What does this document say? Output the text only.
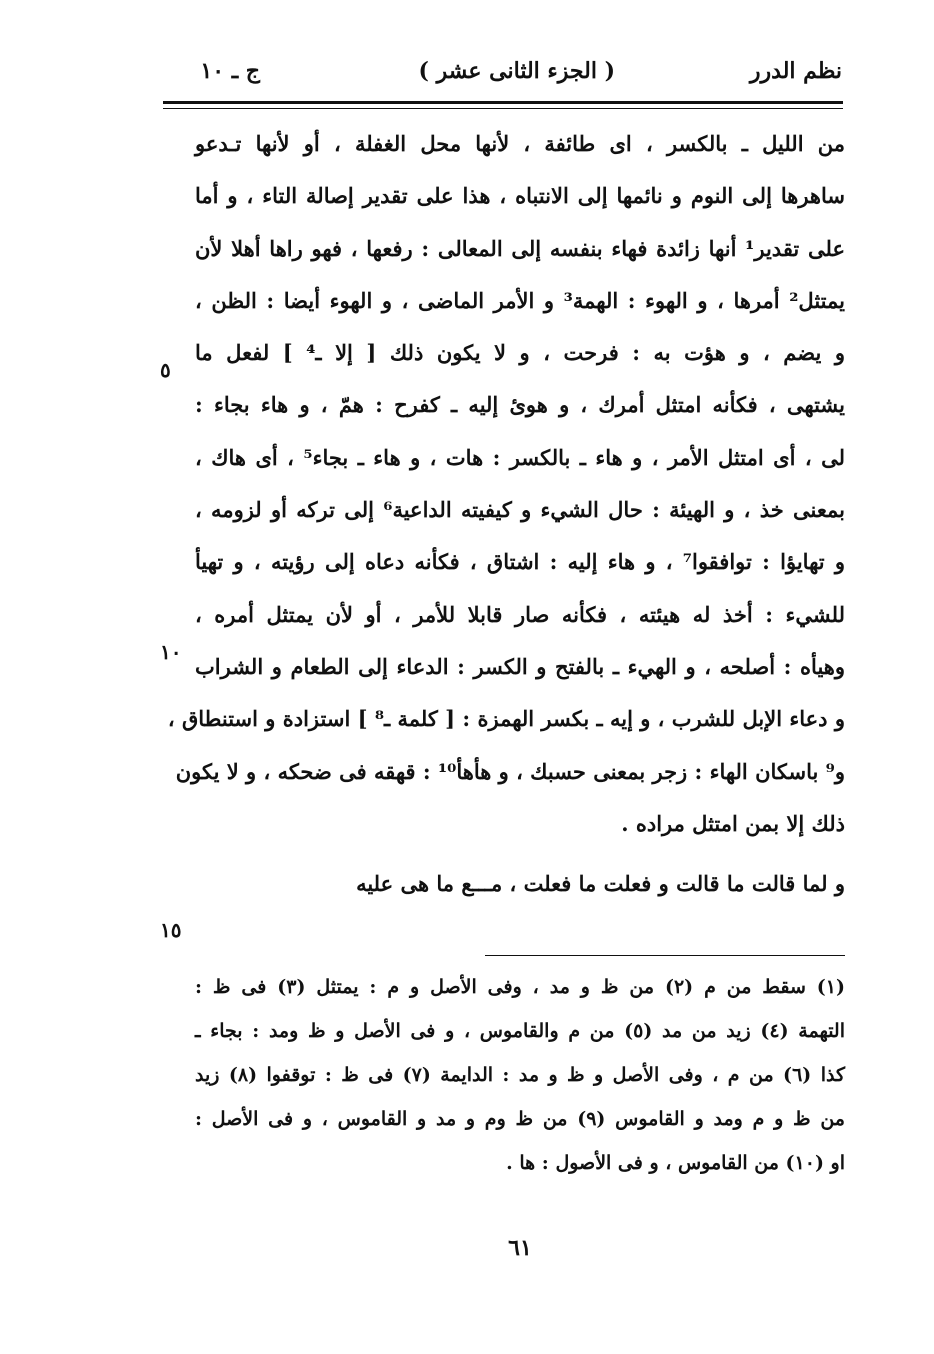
نظم الدرر
( الجزء الثانى عشر )
ج ـ ١٠
من الليل ـ بالكسر ، اى طائفة ، لأنها محل الغفلة ، أو لأنها تـدعو
ساهرها إلى النوم و نائمها إلى الانتباه ، هذا على تقدير إصالة التاء ، و أما
على تقدير¹ أنها زائدة فهاء بنفسه إلى المعالى : رفعها ، فهو راها أهلا لأن
يمتثل² أمرها ، و الهوء : الهمة³ و الأمر الماضى ، و الهوء أيضا : الظن ،
و يضم ، و هؤت به : فرحت ، و لا يكون ذلك [ إلا ـ⁴ ] لفعل ما
يشتهى ، فكأنه امتثل أمرك ، و هوئ إليه ـ كفرح : همّ ، و هاء بجاء :
لى ، أى امتثل الأمر ، و هاء ـ بالكسر : هات ، و هاء ـ بجاء⁵ ، أى هاك ،
بمعنى خذ ، و الهيئة : حال الشيء و كيفيته الداعية⁶ إلى تركه أو لزومه ،
و تهايؤا : توافقوا⁷ ، و هاء إليه : اشتاق ، فكأنه دعاه إلى رؤيته ، و تهيأ
للشيء : أخذ له هيئته ، فكأنه صار قابلا للأمر ، أو لأن يمتثل أمره ،
وهيأه : أصلحه ، و الهيء ـ بالفتح و الكسر : الدعاء إلى الطعام و الشراب
و دعاء الإبل للشرب ، و إيه ـ بكسر الهمزة : [ كلمة ـ⁸ ] استزادة و استنطاق ،
و⁹ باسكان الهاء : زجر بمعنى حسبك ، و هأهأ¹⁰ : قهقه فى ضحكه ، و لا يكون
ذلك إلا بمن امتثل مراده .
و لما قالت ما قالت و فعلت ما فعلت ، مـــع ما هى عليه
٥
١٠
١٥
(١) سقط من م (٢) من ظ و مد ، وفى الأصل و م : يمتثل (٣) فى ظ :
التهمة (٤) زيد من مد (٥) من م والقاموس ، و فى الأصل و ظ ومد : بجاء ـ
كذا (٦) من م ، وفى الأصل و ظ و مد : الدايمة (٧) فى ظ : توقفوا (٨) زيد
من ظ و م ومد و القاموس (٩) من ظ وم و مد و القاموس ، و فى الأصل :
او (١٠) من القاموس ، و فى الأصول : ها .
٦١
